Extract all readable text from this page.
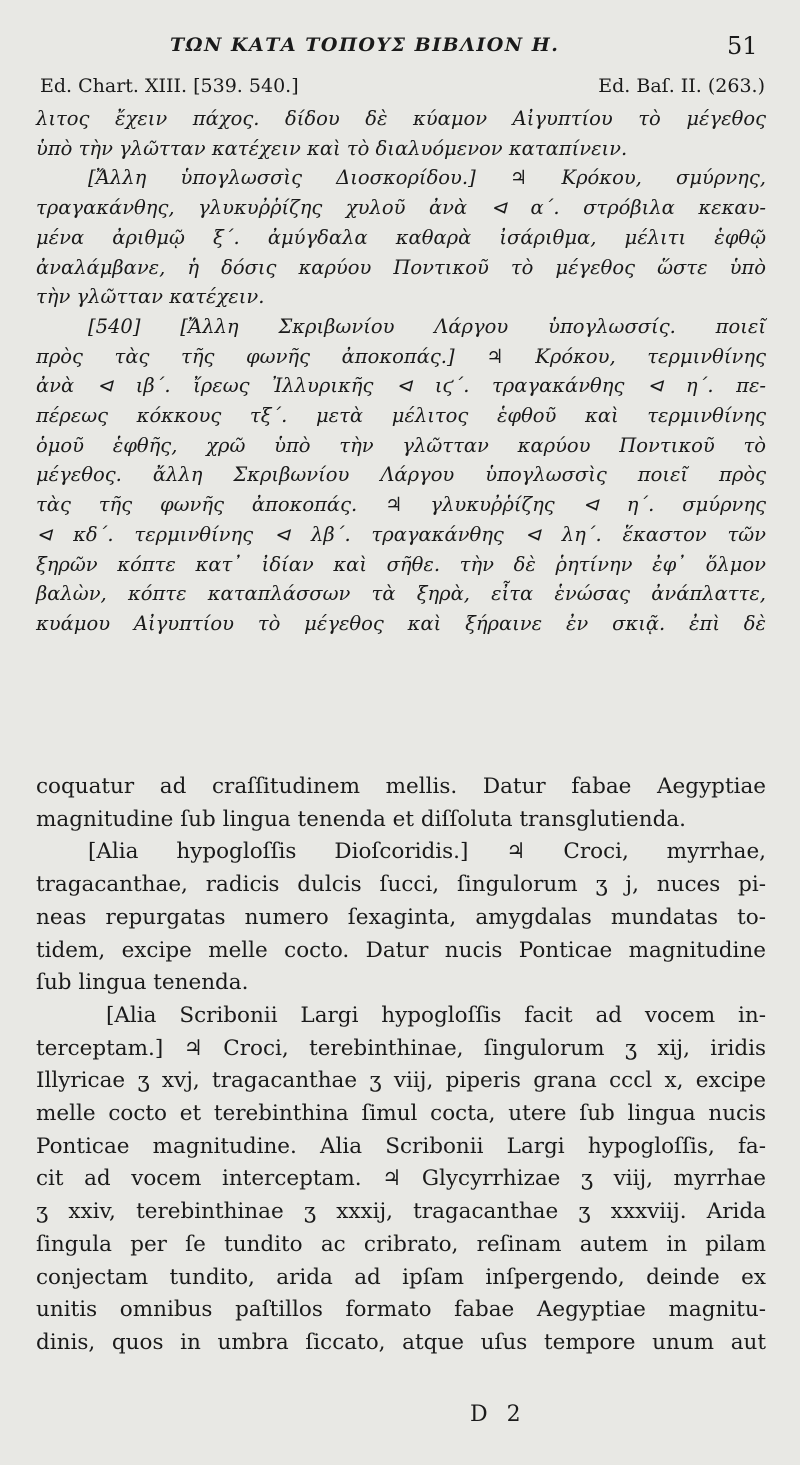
ΤΩΝ ΚΑΤΑ ΤΟΠΟΥΣ ΒΙΒΛΙΟΝ Η.	51
Ed. Chart. XIII. [539. 540.]	Ed. Baſ. II. (263.)
λιτος ἔχειν πάχος. δίδου δὲ κύαμον Αἰγυπτίου τὸ μέγεθος
ὑπὸ τὴν γλῶτταν κατέχειν καὶ τὸ διαλυόμενον καταπίνειν.
[Ἄλλη ὑπογλωσσὶς Διοσκορίδου.] ♃ Κρόκου, σμύρνης,
τραγακάνθης, γλυκυῤῥίζης χυλοῦ ἀνὰ ⊲ α΄. στρόβιλα κεκαυ-
μένα ἀριθμῷ ξ΄. ἀμύγδαλα καθαρὰ ἰσάριθμα, μέλιτι ἑφθῷ
ἀναλάμβανε, ἡ δόσις καρύου Ποντικοῦ τὸ μέγεθος ὥστε ὑπὸ
τὴν γλῶτταν κατέχειν.
[540] [Ἄλλη Σκριβωνίου Λάργου ὑπογλωσσίς. ποιεῖ
πρὸς τὰς τῆς φωνῆς ἀποκοπάς.] ♃ Κρόκου, τερμινθίνης
ἀνὰ ⊲ ιβ΄. ἴρεως Ἰλλυρικῆς ⊲ ιϛ΄. τραγακάνθης ⊲ η΄. πε-
πέρεως κόκκους τξ΄. μετὰ μέλιτος ἑφθοῦ καὶ τερμινθίνης
ὁμοῦ ἑφθῆς, χρῶ ὑπὸ τὴν γλῶτταν καρύου Ποντικοῦ τὸ
μέγεθος. ἄλλη Σκριβωνίου Λάργου ὑπογλωσσὶς ποιεῖ πρὸς
τὰς τῆς φωνῆς ἀποκοπάς. ♃ γλυκυῤῥίζης ⊲ η΄. σμύρνης
⊲ κδ΄. τερμινθίνης ⊲ λβ΄. τραγακάνθης ⊲ λη΄. ἕκαστον τῶν
ξηρῶν κόπτε κατ᾽ ἰδίαν καὶ σῆθε. τὴν δὲ ῥητίνην ἐφ᾽ ὅλμον
βαλὼν, κόπτε καταπλάσσων τὰ ξηρὰ, εἶτα ἑνώσας ἀνάπλαττε,
κυάμου Αἰγυπτίου τὸ μέγεθος καὶ ξήραινε ἐν σκιᾷ. ἐπὶ δὲ
coquatur ad craſſitudinem mellis. Datur fabae Aegyptiae
magnitudine ſub lingua tenenda et diſſoluta transglutienda.
[Alia hypogloſſis Dioſcoridis.] ♃ Croci, myrrhae,
tragacanthae, radicis dulcis ſucci, ſingulorum ʒ j, nuces pi-
neas repurgatas numero ſexaginta, amygdalas mundatas to-
tidem, excipe melle cocto. Datur nucis Ponticae magnitudine
ſub lingua tenenda.
[Alia Scribonii Largi hypogloſſis facit ad vocem in-
terceptam.] ♃ Croci, terebinthinae, ſingulorum ʒ xij, iridis
Illyricae ʒ xvj, tragacanthae ʒ viij, piperis grana cccl x, excipe
melle cocto et terebinthina ſimul cocta, utere ſub lingua nucis
Ponticae magnitudine. Alia Scribonii Largi hypogloſſis, fa-
cit ad vocem interceptam. ♃ Glycyrrhizae ʒ viij, myrrhae
ʒ xxiv, terebinthinae ʒ xxxij, tragacanthae ʒ xxxviij. Arida
ſingula per ſe tundito ac cribrato, reſinam autem in pilam
conjectam tundito, arida ad ipſam inſpergendo, deinde ex
unitis omnibus paſtillos formato fabae Aegyptiae magnitu-
dinis, quos in umbra ſiccato, atque uſus tempore unum aut
D 2
